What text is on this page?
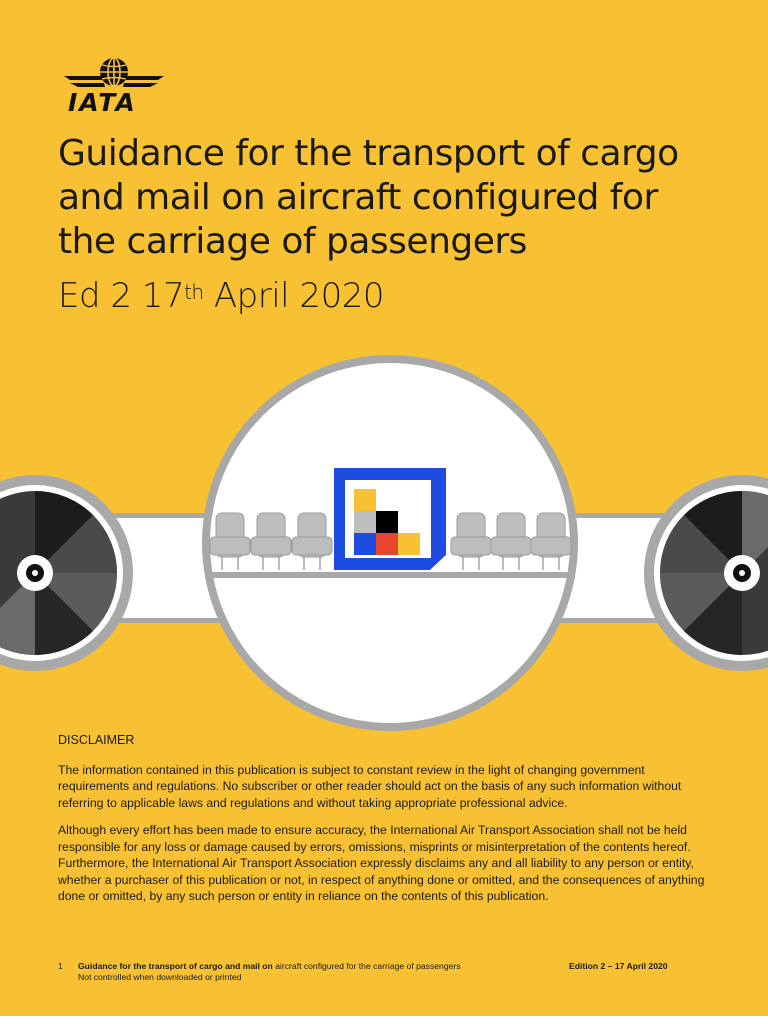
IATA
Guidance for the transport of cargo
and mail on aircraft configured for
the carriage of passengers
Ed 2 17th April 2020
DISCLAIMER

The information contained in this publication is subject to constant review in the light of changing government requirements and regulations. No subscriber or other reader should act on the basis of any such information without referring to applicable laws and regulations and without taking appropriate professional advice.

Although every effort has been made to ensure accuracy, the International Air Transport Association shall not be held responsible for any loss or damage caused by errors, omissions, misprints or misinterpretation of the contents hereof. Furthermore, the International Air Transport Association expressly disclaims any and all liability to any person or entity, whether a purchaser of this publication or not, in respect of anything done or omitted, and the consequences of anything done or omitted, by any such person or entity in reliance on the contents of this publication.

1 Guidance for the transport of cargo and mail on aircraft configured for the carriage of passengers
Not controlled when downloaded or printed
Edition 2 – 17 April 2020
